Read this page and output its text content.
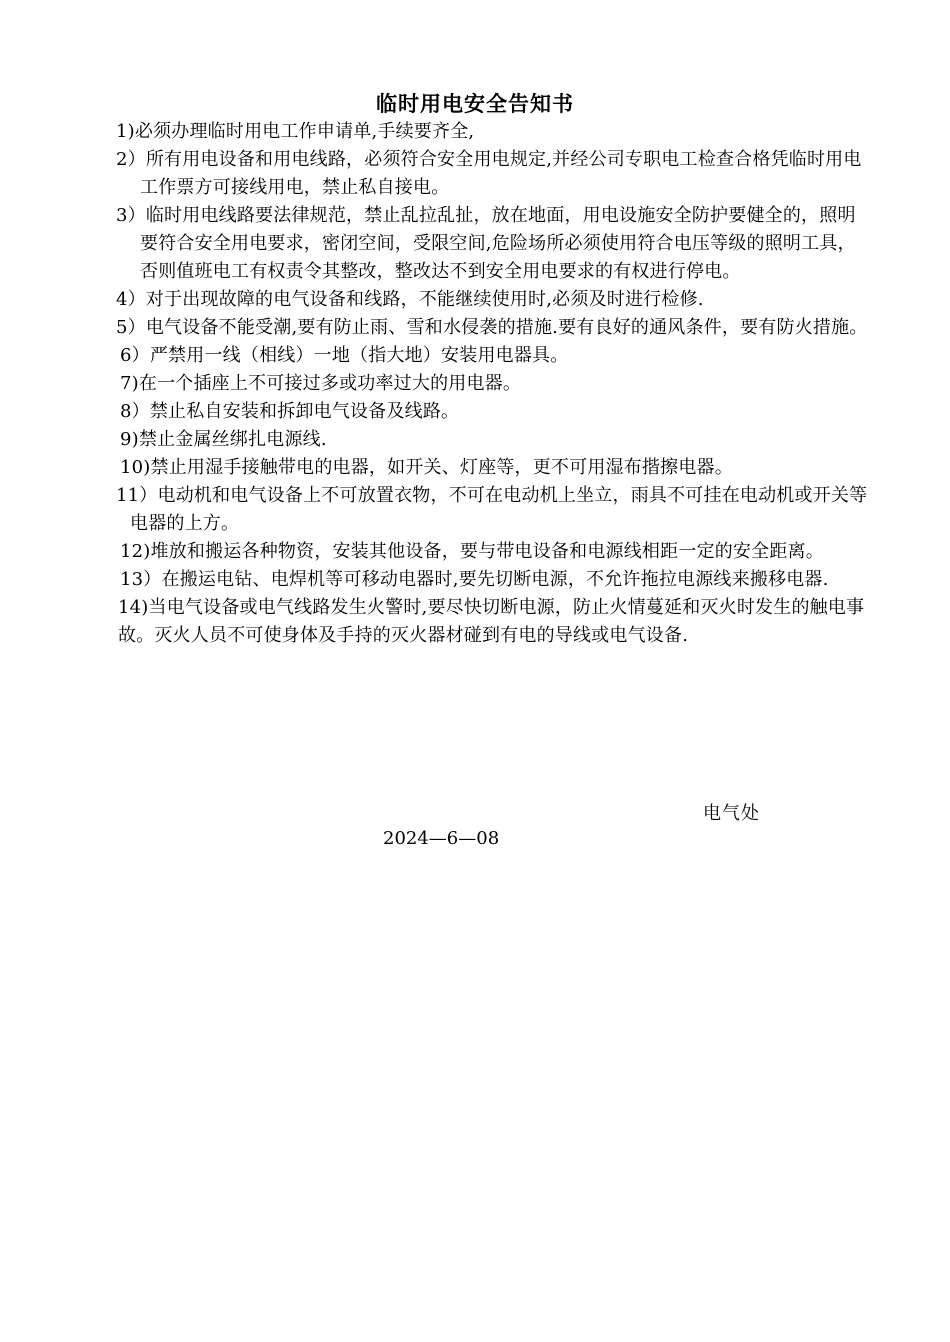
临时用电安全告知书
1)必须办理临时用电工作申请单,手续要齐全,
2）所有用电设备和用电线路，必须符合安全用电规定,并经公司专职电工检查合格凭临时用电工作票方可接线用电，禁止私自接电。
3）临时用电线路要法律规范，禁止乱拉乱扯，放在地面，用电设施安全防护要健全的，照明要符合安全用电要求，密闭空间，受限空间,危险场所必须使用符合电压等级的照明工具，否则值班电工有权责令其整改，整改达不到安全用电要求的有权进行停电。
4）对于出现故障的电气设备和线路，不能继续使用时,必须及时进行检修.
5）电气设备不能受潮,要有防止雨、雪和水侵袭的措施.要有良好的通风条件，要有防火措施。
6）严禁用一线（相线）一地（指大地）安装用电器具。
7)在一个插座上不可接过多或功率过大的用电器。
8）禁止私自安装和拆卸电气设备及线路。
9)禁止金属丝绑扎电源线.
10)禁止用湿手接触带电的电器，如开关、灯座等，更不可用湿布揩擦电器。
11）电动机和电气设备上不可放置衣物，不可在电动机上坐立，雨具不可挂在电动机或开关等电器的上方。
12)堆放和搬运各种物资，安装其他设备，要与带电设备和电源线相距一定的安全距离。
13）在搬运电钻、电焊机等可移动电器时,要先切断电源，不允许拖拉电源线来搬移电器.
14)当电气设备或电气线路发生火警时,要尽快切断电源，防止火情蔓延和灭火时发生的触电事故。灭火人员不可使身体及手持的灭火器材碰到有电的导线或电气设备.
电气处
2024—6—08
